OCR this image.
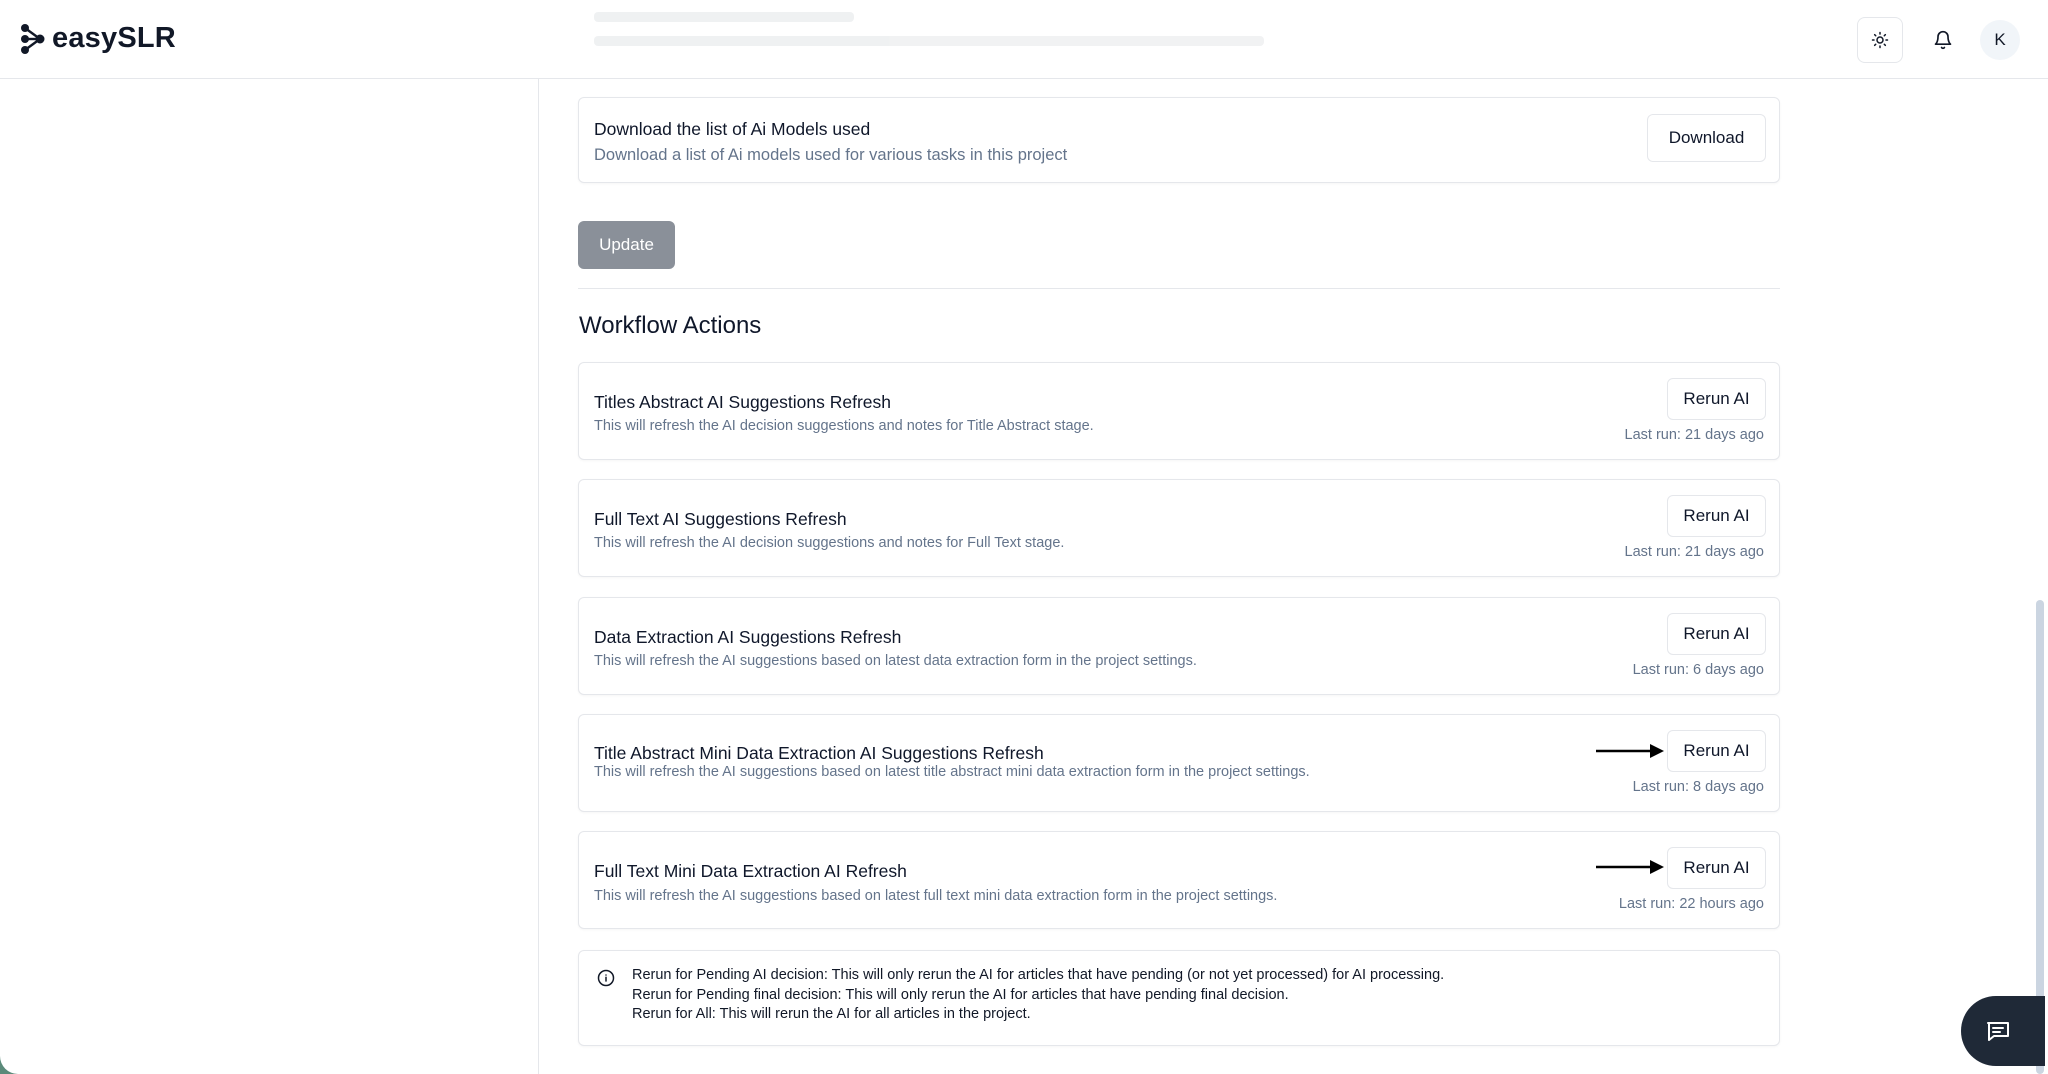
easySLR	K
Download the list of Ai Models used
Download a list of Ai models used for various tasks in this project
Download
Update
Workflow Actions
Titles Abstract AI Suggestions Refresh
This will refresh the AI decision suggestions and notes for Title Abstract stage.
Rerun AI
Last run: 21 days ago
Full Text AI Suggestions Refresh
This will refresh the AI decision suggestions and notes for Full Text stage.
Rerun AI
Last run: 21 days ago
Data Extraction AI Suggestions Refresh
This will refresh the AI suggestions based on latest data extraction form in the project settings.
Rerun AI
Last run: 6 days ago
Title Abstract Mini Data Extraction AI Suggestions Refresh
This will refresh the AI suggestions based on latest title abstract mini data extraction form in the project settings.
Rerun AI
Last run: 8 days ago
Full Text Mini Data Extraction AI Refresh
This will refresh the AI suggestions based on latest full text mini data extraction form in the project settings.
Rerun AI
Last run: 22 hours ago
Rerun for Pending AI decision: This will only rerun the AI for articles that have pending (or not yet processed) for AI processing.
Rerun for Pending final decision: This will only rerun the AI for articles that have pending final decision.
Rerun for All: This will rerun the AI for all articles in the project.
